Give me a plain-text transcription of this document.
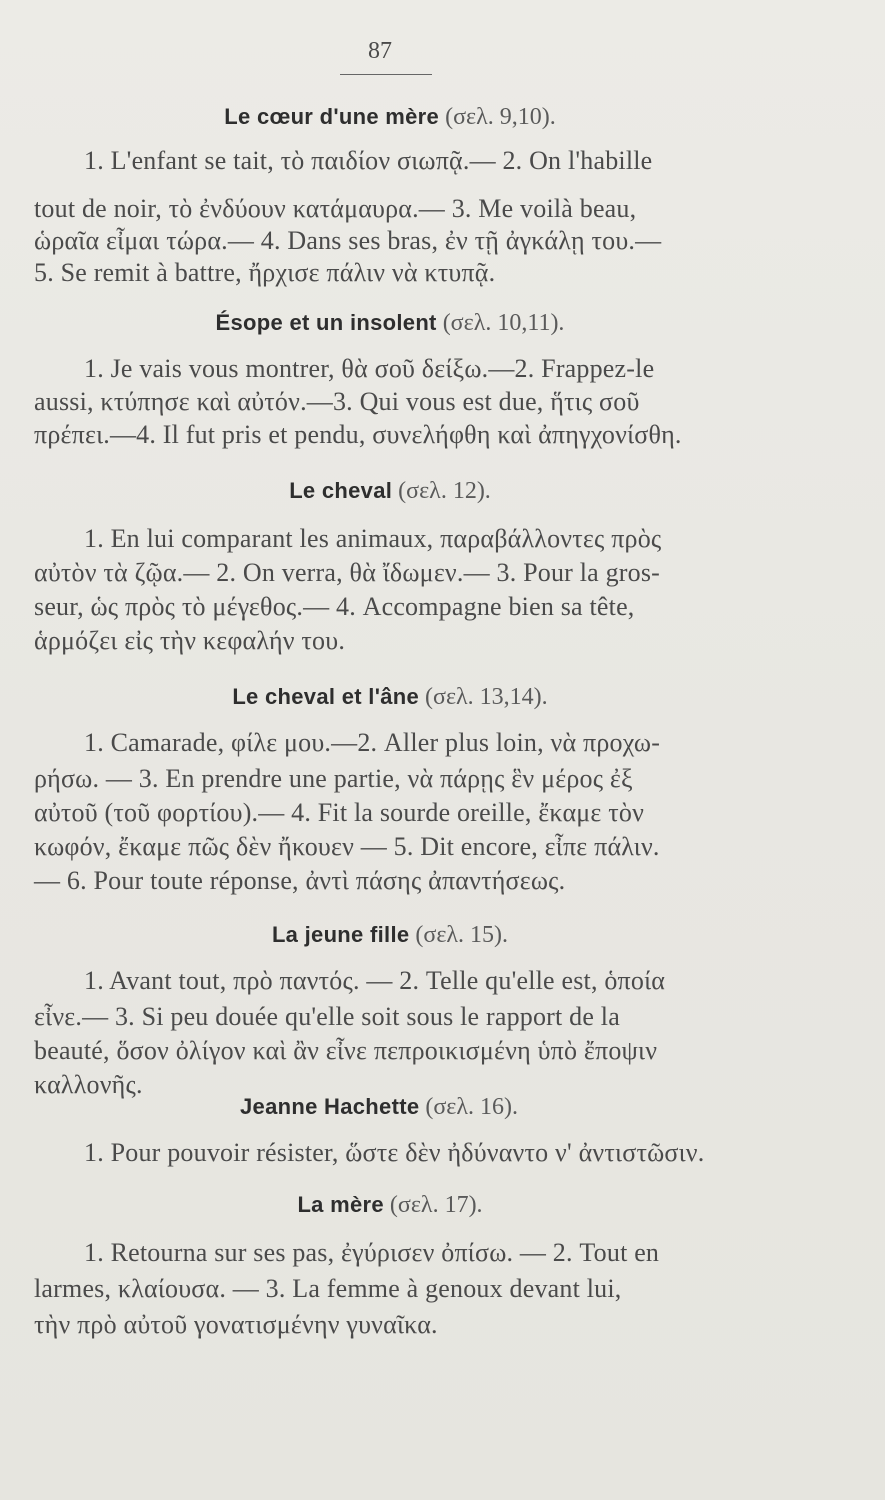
87
Le cœur d'une mère (σελ. 9,10).
1. L'enfant se tait, τὸ παιδίον σιωπᾷ.— 2. On l'habille
tout de noir, τὸ ἐνδύουν κατάμαυρα.— 3. Me voilà beau,
ὡραῖα εἶμαι τώρα.— 4. Dans ses bras, ἐν τῇ ἀγκάλῃ του.—
5. Se remit à battre, ἤρχισε πάλιν νὰ κτυπᾷ.
Ésope et un insolent (σελ. 10,11).
1. Je vais vous montrer, θὰ σοῦ δείξω.—2. Frappez-le
aussi, κτύπησε καὶ αὐτόν.—3. Qui vous est due, ἥτις σοῦ
πρέπει.—4. Il fut pris et pendu, συνελήφθη καὶ ἀπηγχονίσθη.
Le cheval (σελ. 12).
1. En lui comparant les animaux, παραβάλλοντες πρὸς
αὐτὸν τὰ ζῷα.— 2. On verra, θὰ ἴδωμεν.— 3. Pour la gros-
seur, ὡς πρὸς τὸ μέγεθος.— 4. Accompagne bien sa tête,
ἁρμόζει εἰς τὴν κεφαλήν του.
Le cheval et l'âne (σελ. 13,14).
1. Camarade, φίλε μου.—2. Aller plus loin, νὰ προχω-
ρήσω. — 3. En prendre une partie, νὰ πάρῃς ἓν μέρος ἐξ
αὐτοῦ (τοῦ φορτίου).— 4. Fit la sourde oreille, ἔκαμε τὸν
κωφόν, ἔκαμε πῶς δὲν ἤκουεν — 5. Dit encore, εἶπε πάλιν.
— 6. Pour toute réponse, ἀντὶ πάσης ἀπαντήσεως.
La jeune fille (σελ. 15).
1. Avant tout, πρὸ παντός. — 2. Telle qu'elle est, ὁποία
εἶνε.— 3. Si peu douée qu'elle soit sous le rapport de la
beauté, ὅσον ὀλίγον καὶ ἂν εἶνε πεπροικισμένη ὑπὸ ἔποψιν
καλλονῆς.
Jeanne Hachette (σελ. 16).
1. Pour pouvoir résister, ὥστε δὲν ἠδύναντο ν' ἀντιστῶσιν.
La mère (σελ. 17).
1. Retourna sur ses pas, ἐγύρισεν ὀπίσω. — 2. Tout en
larmes, κλαίουσα. — 3. La femme à genoux devant lui,
τὴν πρὸ αὐτοῦ γονατισμένην γυναῖκα.
